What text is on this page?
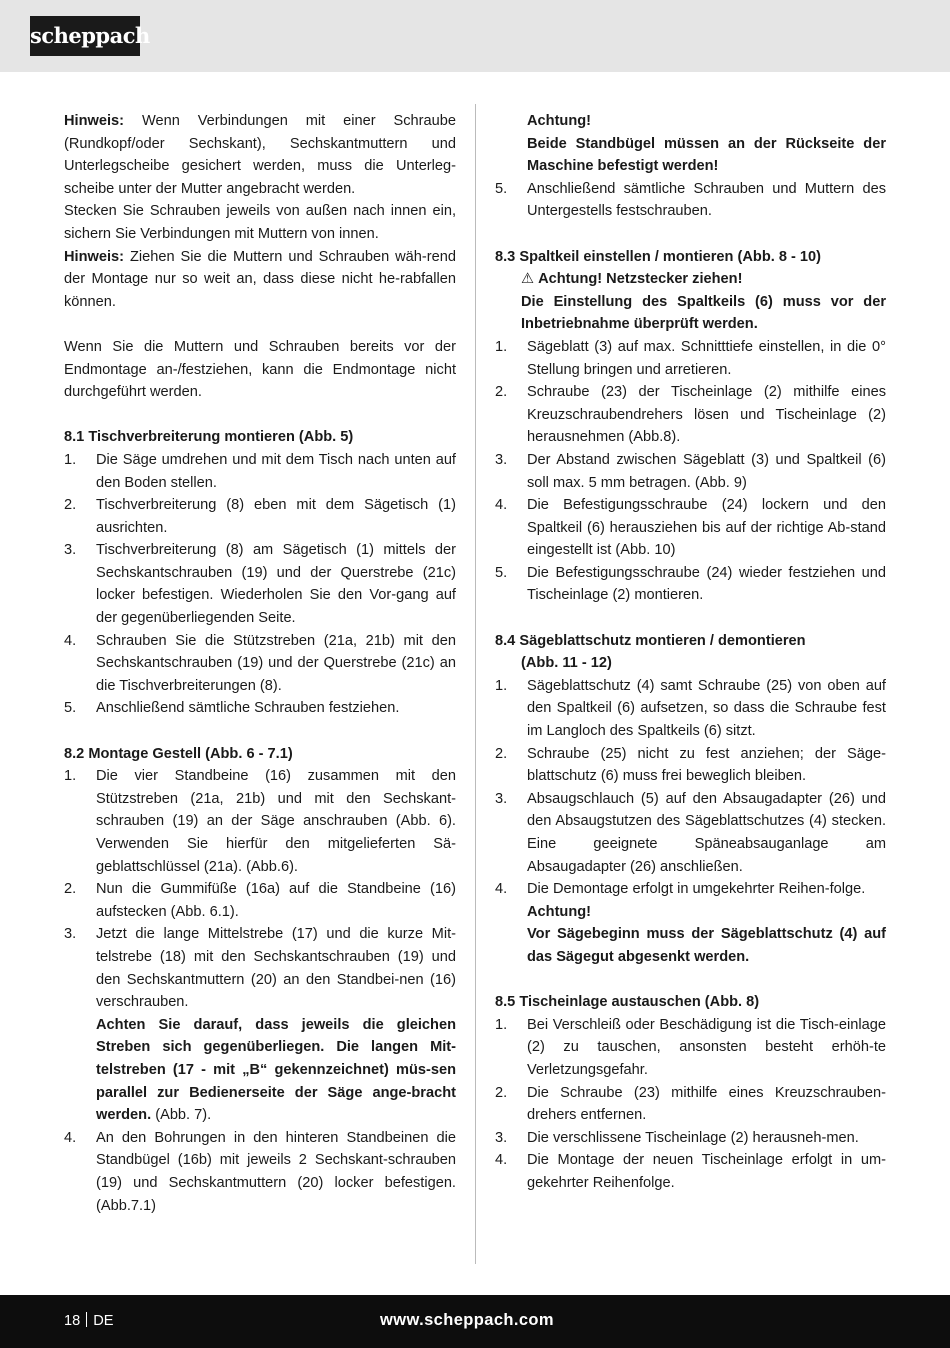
scheppach

Hinweis: Wenn Verbindungen mit einer Schraube (Rundkopf/oder Sechskant), Sechskantmuttern und Unterlegscheibe gesichert werden, muss die Unterleg-scheibe unter der Mutter angebracht werden.

Stecken Sie Schrauben jeweils von außen nach innen ein, sichern Sie Verbindungen mit Muttern von innen.

Hinweis: Ziehen Sie die Muttern und Schrauben wäh-rend der Montage nur so weit an, dass diese nicht he-rabfallen können.

Wenn Sie die Muttern und Schrauben bereits vor der Endmontage an-/festziehen, kann die Endmontage nicht durchgeführt werden.

8.1 Tischverbreiterung montieren (Abb. 5)
1.	Die Säge umdrehen und mit dem Tisch nach unten auf den Boden stellen.
2.	Tischverbreiterung (8) eben mit dem Sägetisch (1) ausrichten.
3.	Tischverbreiterung (8) am Sägetisch (1) mittels der Sechskantschrauben (19) und der Querstrebe (21c) locker befestigen. Wiederholen Sie den Vor-gang auf der gegenüberliegenden Seite.
4.	Schrauben Sie die Stützstreben (21a, 21b) mit den Sechskantschrauben (19) und der Querstrebe (21c) an die Tischverbreiterungen (8).
5.	Anschließend sämtliche Schrauben festziehen.
8.2 Montage Gestell (Abb. 6 - 7.1)
1.	Die vier Standbeine (16) zusammen mit den Stützstreben (21a, 21b) und mit den Sechskant-schrauben (19) an der Säge anschrauben (Abb. 6). Verwenden Sie hierfür den mitgelieferten Sä-geblattschlüssel (21a). (Abb.6).
2.	Nun die Gummifüße (16a) auf die Standbeine (16) aufstecken (Abb. 6.1).
3.	Jetzt die lange Mittelstrebe (17) und die kurze Mit-telstrebe (18) mit den Sechskantschrauben (19) und den Sechskantmuttern (20) an den Standbei-nen (16) verschrauben.

Achten Sie darauf, dass jeweils die gleichen Streben sich gegenüberliegen. Die langen Mit-telstreben (17 - mit „B“ gekennzeichnet) müs-sen parallel zur Bedienerseite der Säge ange-bracht werden. (Abb. 7).

4.	An den Bohrungen in den hinteren Standbeinen die Standbügel (16b) mit jeweils 2 Sechskant-schrauben (19) und Sechskantmuttern (20) locker befestigen. (Abb.7.1)
Achtung!

Beide Standbügel müssen an der Rückseite der Maschine befestigt werden!

5.	Anschließend sämtliche Schrauben und Muttern des Untergestells festschrauben.
8.3 Spaltkeil einstellen / montieren (Abb. 8 - 10)
⚠ Achtung! Netzstecker ziehen!

Die Einstellung des Spaltkeils (6) muss vor der Inbetriebnahme überprüft werden.

1.	Sägeblatt (3) auf max. Schnitttiefe einstellen, in die 0° Stellung bringen und arretieren.
2.	Schraube (23) der Tischeinlage (2) mithilfe eines Kreuzschraubendrehers lösen und Tischeinlage (2) herausnehmen (Abb.8).
3.	Der Abstand zwischen Sägeblatt (3) und Spaltkeil (6) soll max. 5 mm betragen. (Abb. 9)
4.	Die Befestigungsschraube (24) lockern und den Spaltkeil (6) herausziehen bis auf der richtige Ab-stand eingestellt ist (Abb. 10)
5.	Die Befestigungsschraube (24) wieder festziehen und Tischeinlage (2) montieren.
8.4 Sägeblattschutz montieren / demontieren
(Abb. 11 - 12)
1.	Sägeblattschutz (4) samt Schraube (25) von oben auf den Spaltkeil (6) aufsetzen, so dass die Schraube fest im Langloch des Spaltkeils (6) sitzt.
2.	Schraube (25) nicht zu fest anziehen; der Säge-blattschutz (6) muss frei beweglich bleiben.
3.	Absaugschlauch (5) auf den Absaugadapter (26) und den Absaugstutzen des Sägeblattschutzes (4) stecken. Eine geeignete Späneabsauganlage am Absaugadapter (26) anschließen.
4.	Die Demontage erfolgt in umgekehrter Reihen-folge.
Achtung!

Vor Sägebeginn muss der Sägeblattschutz (4) auf das Sägegut abgesenkt werden.

8.5 Tischeinlage austauschen (Abb. 8)
1.	Bei Verschleiß oder Beschädigung ist die Tisch-einlage (2) zu tauschen, ansonsten besteht erhöh-te Verletzungsgefahr.
2.	Die Schraube (23) mithilfe eines Kreuzschrauben-drehers entfernen.
3.	Die verschlissene Tischeinlage (2) herausneh-men.
4.	Die Montage der neuen Tischeinlage erfolgt in um-gekehrter Reihenfolge.
18 DE	www.scheppach.com
